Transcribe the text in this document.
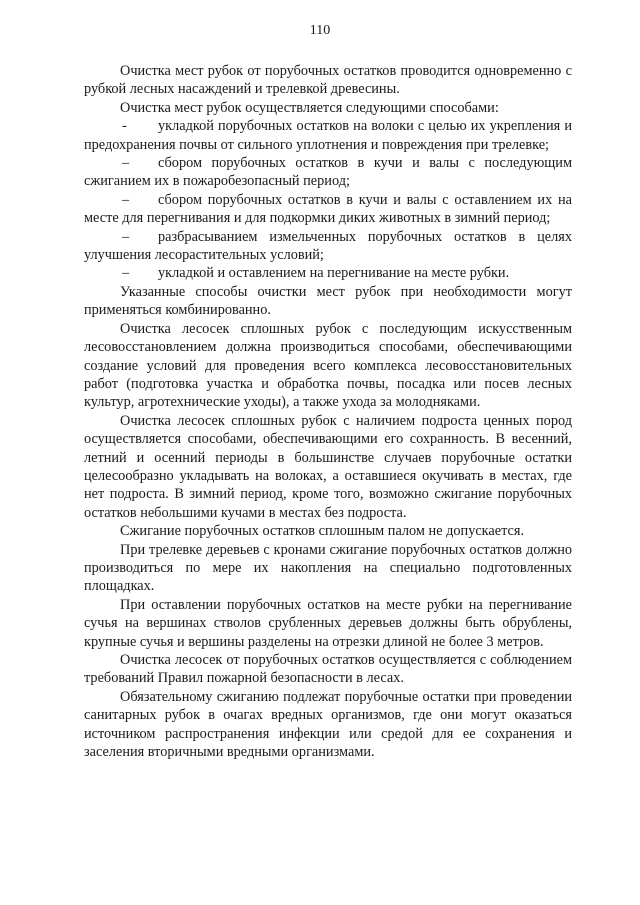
110

Очистка мест рубок от порубочных остатков проводится одновременно с рубкой лесных насаждений и трелевкой древесины.

Очистка мест рубок осуществляется следующими способами:

- укладкой порубочных остатков на волоки с целью их укрепления и предохранения почвы от сильного уплотнения и повреждения при трелевке;

– сбором порубочных остатков в кучи и валы с последующим сжиганием их в пожаробезопасный период;

– сбором порубочных остатков в кучи и валы с оставлением их на месте для перегнивания и для подкормки диких животных в зимний период;

– разбрасыванием измельченных порубочных остатков в целях улучшения лесорастительных условий;

– укладкой и оставлением на перегнивание на месте рубки.

Указанные способы очистки мест рубок при необходимости могут применяться комбинированно.

Очистка лесосек сплошных рубок с последующим искусственным лесовосстановлением должна производиться способами, обеспечивающими создание условий для проведения всего комплекса лесовосстановительных работ (подготовка участка и обработка почвы, посадка или посев лесных культур, агротехнические уходы), а также ухода за молодняками.

Очистка лесосек сплошных рубок с наличием подроста ценных пород осуществляется способами, обеспечивающими его сохранность. В весенний, летний и осенний периоды в большинстве случаев порубочные остатки целесообразно укладывать на волоках, а оставшиеся окучивать в местах, где нет подроста. В зимний период, кроме того, возможно сжигание порубочных остатков небольшими кучами в местах без подроста.

Сжигание порубочных остатков сплошным палом не допускается.

При трелевке деревьев с кронами сжигание порубочных остатков должно производиться по мере их накопления на специально подготовленных площадках.

При оставлении порубочных остатков на месте рубки на перегнивание сучья на вершинах стволов срубленных деревьев должны быть обрублены, крупные сучья и вершины разделены на отрезки длиной не более 3 метров.

Очистка лесосек от порубочных остатков осуществляется с соблюдением требований Правил пожарной безопасности в лесах.

Обязательному сжиганию подлежат порубочные остатки при проведении санитарных рубок в очагах вредных организмов, где они могут оказаться источником распространения инфекции или средой для ее сохранения и заселения вторичными вредными организмами.
